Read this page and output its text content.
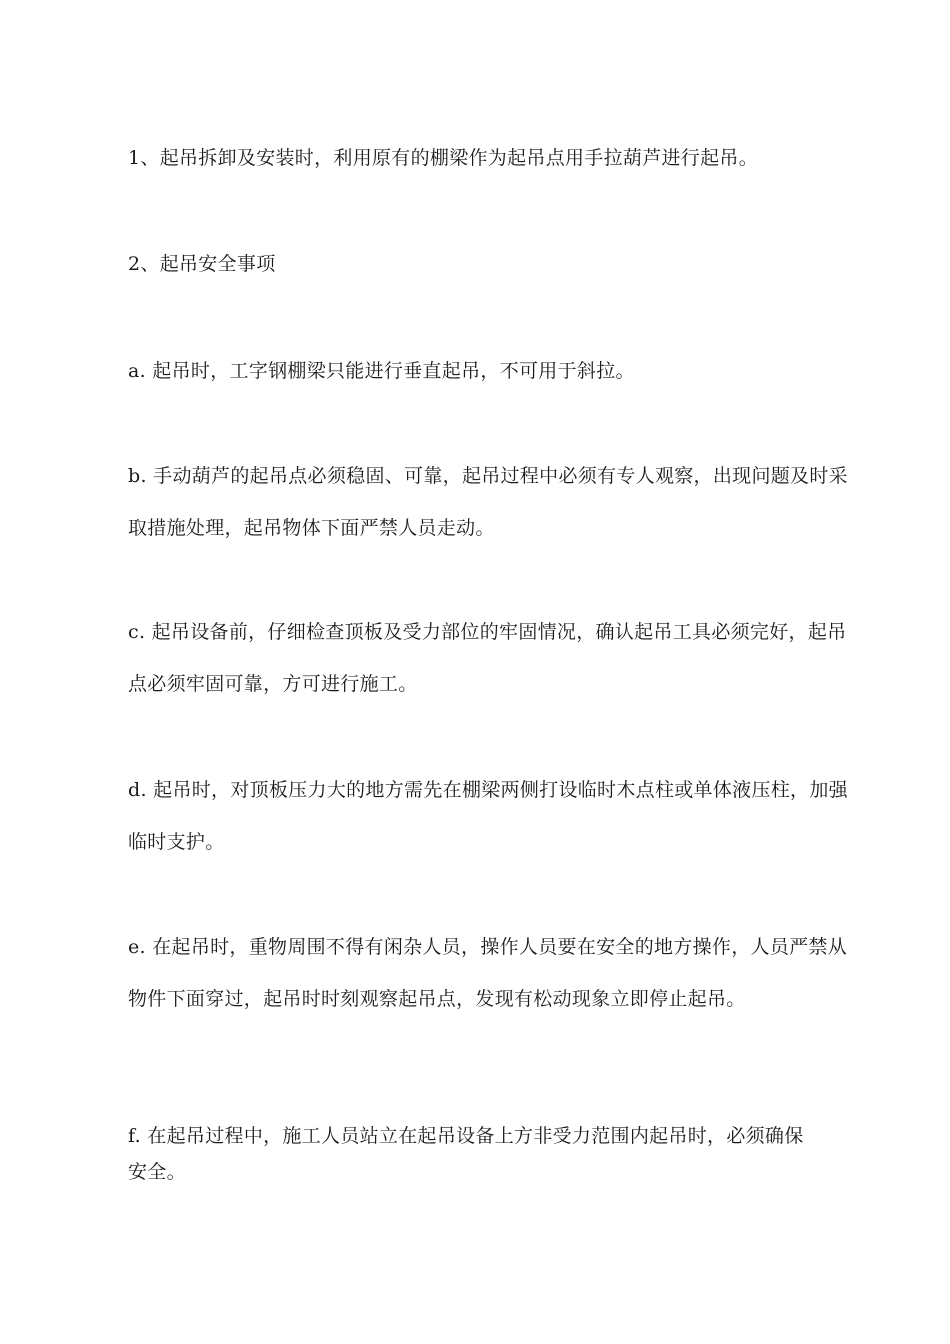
1、起吊拆卸及安装时，利用原有的棚梁作为起吊点用手拉葫芦进行起吊。

2、起吊安全事项

a. 起吊时，工字钢棚梁只能进行垂直起吊，不可用于斜拉。

b. 手动葫芦的起吊点必须稳固、可靠，起吊过程中必须有专人观察，出现问题及时采取措施处理，起吊物体下面严禁人员走动。

c. 起吊设备前，仔细检查顶板及受力部位的牢固情况，确认起吊工具必须完好，起吊点必须牢固可靠，方可进行施工。

d. 起吊时，对顶板压力大的地方需先在棚梁两侧打设临时木点柱或单体液压柱，加强临时支护。

e. 在起吊时，重物周围不得有闲杂人员，操作人员要在安全的地方操作，人员严禁从物件下面穿过，起吊时时刻观察起吊点，发现有松动现象立即停止起吊。

f. 在起吊过程中，施工人员站立在起吊设备上方非受力范围内起吊时，必须确保安全。
